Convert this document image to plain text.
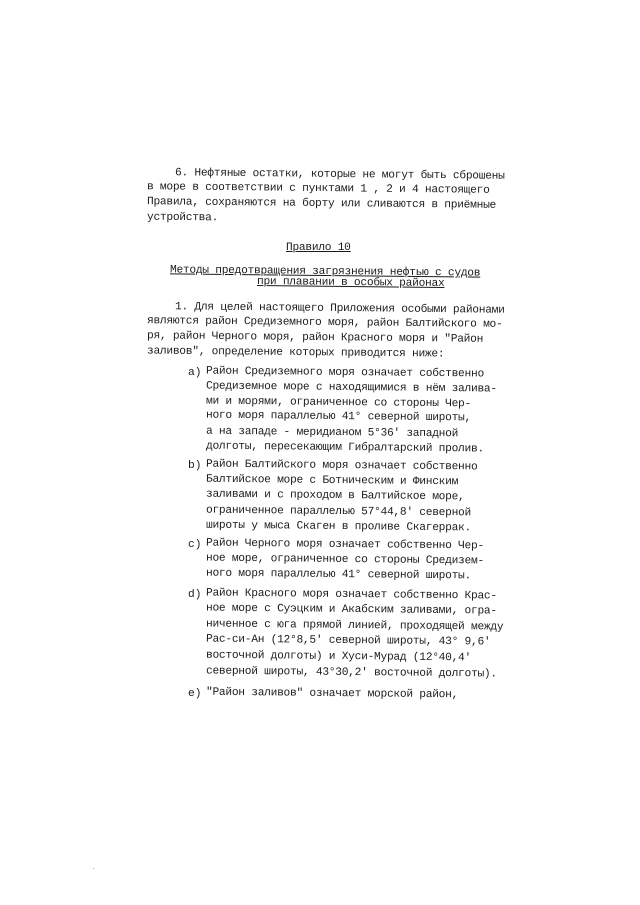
6. Нефтяные остатки, которые не могут быть сброшены
в море в соответствии с пунктами 1 , 2 и 4 настоящего
Правила, сохраняются на борту или сливаются в приёмные
устройства.
Правило 10
Методы предотвращения загрязнения нефтью с судов
при плавании в особых районах
1. Для целей настоящего Приложения особыми районами
являются район Средиземного моря, район Балтийского мо-
ря, район Черного моря, район Красного моря и "Район
заливов", определение которых приводится ниже:
a) Район Средиземного моря означает собственно
Средиземное море с находящимися в нём залива-
ми и морями, ограниченное со стороны Чер-
ного моря параллелью 41° северной широты,
а на западе - меридианом 5°36' западной
долготы, пересекающим Гибралтарский пролив.
b) Район Балтийского моря означает собственно
Балтийское море с Ботническим и Финским
заливами и с проходом в Балтийское море,
ограниченное параллелью 57°44,8' северной
широты у мыса Скаген в проливе Скагеррак.
c) Район Черного моря означает собственно Чер-
ное море, ограниченное со стороны Средизем-
ного моря параллелью 41° северной широты.
d) Район Красного моря означает собственно Крас-
ное море с Суэцким и Акабским заливами, огра-
ниченное с юга прямой линией, проходящей между
Рас-си-Ан (12°8,5' северной широты, 43° 9,6'
восточной долготы) и Хуси-Мурад (12°40,4'
северной широты, 43°30,2' восточной долготы).
e) "Район заливов" означает морской район,
